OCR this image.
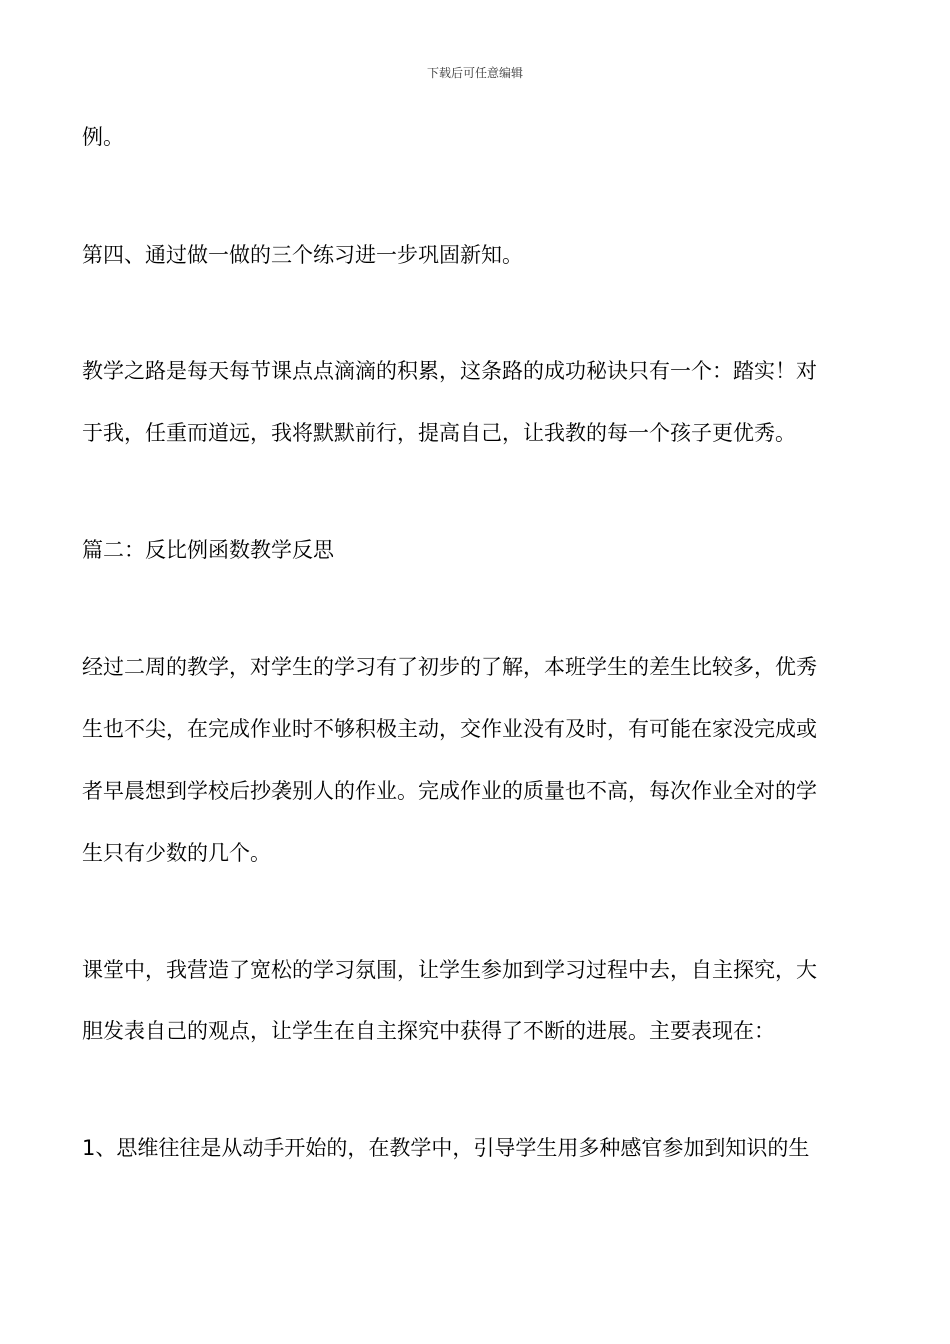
下载后可任意编辑
例。
第四、通过做一做的三个练习进一步巩固新知。
教学之路是每天每节课点点滴滴的积累，这条路的成功秘诀只有一个：踏实！对
于我，任重而道远，我将默默前行，提高自己，让我教的每一个孩子更优秀。
篇二：反比例函数教学反思
经过二周的教学，对学生的学习有了初步的了解，本班学生的差生比较多，优秀
生也不尖，在完成作业时不够积极主动，交作业没有及时，有可能在家没完成或
者早晨想到学校后抄袭别人的作业。完成作业的质量也不高，每次作业全对的学
生只有少数的几个。
课堂中，我营造了宽松的学习氛围，让学生参加到学习过程中去，自主探究，大
胆发表自己的观点，让学生在自主探究中获得了不断的进展。主要表现在：
1、思维往往是从动手开始的，在教学中，引导学生用多种感官参加到知识的生
